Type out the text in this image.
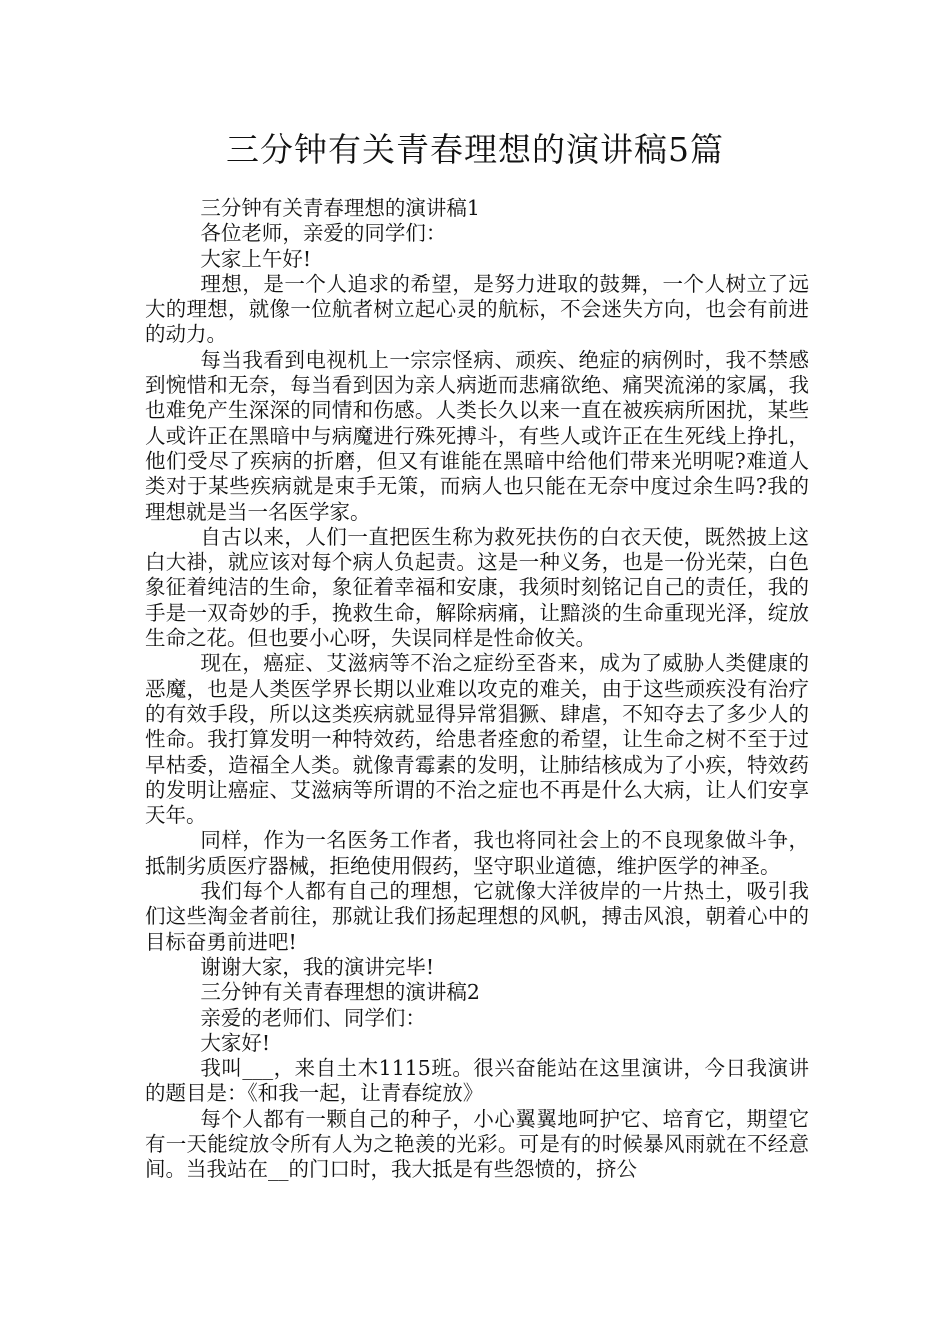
三分钟有关青春理想的演讲稿5篇

三分钟有关青春理想的演讲稿1

各位老师，亲爱的同学们：

大家上午好!

理想，是一个人追求的希望，是努力进取的鼓舞，一个人树立了远大的理想，就像一位航者树立起心灵的航标，不会迷失方向，也会有前进的动力。

每当我看到电视机上一宗宗怪病、顽疾、绝症的病例时，我不禁感到惋惜和无奈，每当看到因为亲人病逝而悲痛欲绝、痛哭流涕的家属，我也难免产生深深的同情和伤感。人类长久以来一直在被疾病所困扰，某些人或许正在黑暗中与病魔进行殊死搏斗，有些人或许正在生死线上挣扎，他们受尽了疾病的折磨，但又有谁能在黑暗中给他们带来光明呢?难道人类对于某些疾病就是束手无策，而病人也只能在无奈中度过余生吗?我的理想就是当一名医学家。

自古以来，人们一直把医生称为救死扶伤的白衣天使，既然披上这白大褂，就应该对每个病人负起责。这是一种义务，也是一份光荣，白色象征着纯洁的生命，象征着幸福和安康，我须时刻铭记自己的责任，我的手是一双奇妙的手，挽救生命，解除病痛，让黯淡的生命重现光泽，绽放生命之花。但也要小心呀，失误同样是性命攸关。

现在，癌症、艾滋病等不治之症纷至沓来，成为了威胁人类健康的恶魔，也是人类医学界长期以业难以攻克的难关，由于这些顽疾没有治疗的有效手段，所以这类疾病就显得异常猖獗、肆虐，不知夺去了多少人的性命。我打算发明一种特效药，给患者痊愈的希望，让生命之树不至于过早枯委，造福全人类。就像青霉素的发明，让肺结核成为了小疾，特效药的发明让癌症、艾滋病等所谓的不治之症也不再是什么大病，让人们安享天年。

同样，作为一名医务工作者，我也将同社会上的不良现象做斗争，抵制劣质医疗器械，拒绝使用假药，坚守职业道德，维护医学的神圣。

我们每个人都有自己的理想，它就像大洋彼岸的一片热土，吸引我们这些淘金者前往，那就让我们扬起理想的风帆，搏击风浪，朝着心中的目标奋勇前进吧!

谢谢大家，我的演讲完毕!

三分钟有关青春理想的演讲稿2

亲爱的老师们、同学们：

大家好!

我叫___，来自土木1115班。很兴奋能站在这里演讲，今日我演讲的题目是：《和我一起，让青春绽放》

每个人都有一颗自己的种子，小心翼翼地呵护它、培育它，期望它有一天能绽放令所有人为之艳羡的光彩。可是有的时候暴风雨就在不经意间。当我站在__的门口时，我大抵是有些怨愤的，挤公
